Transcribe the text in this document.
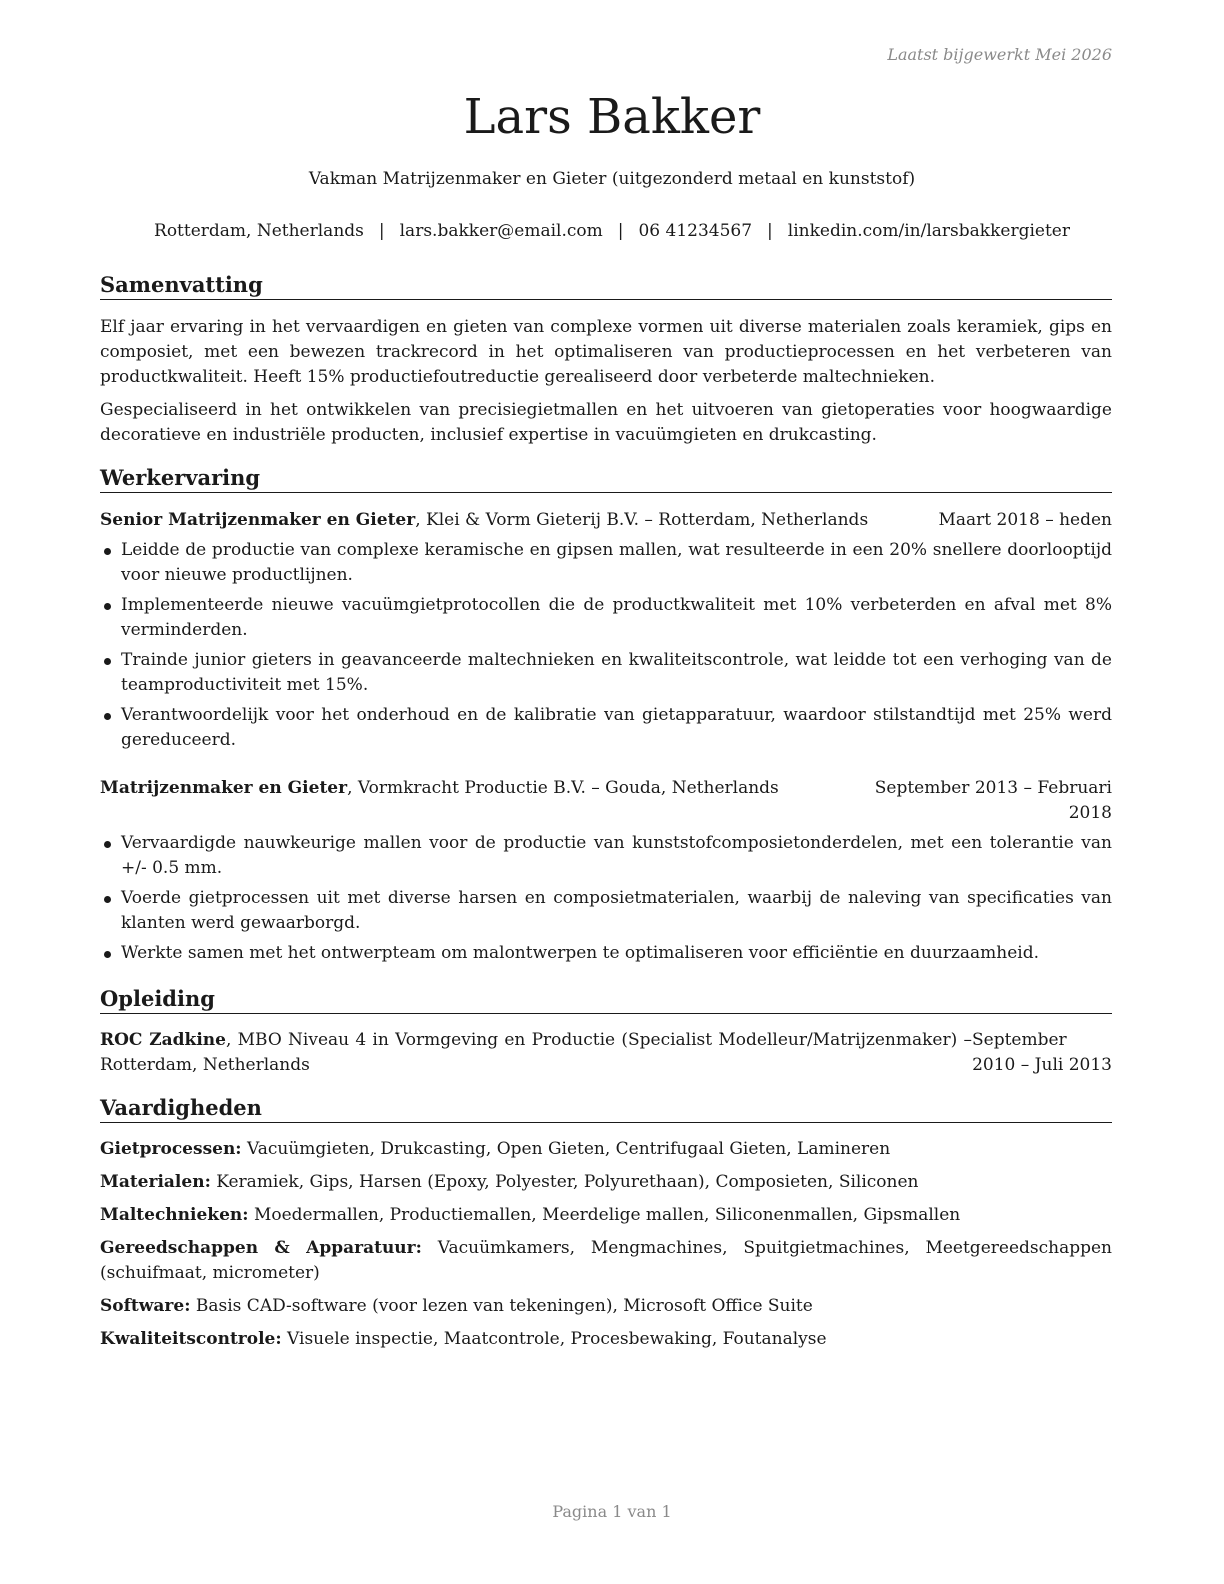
Laatst bijgewerkt Mei 2026
Lars Bakker
Vakman Matrijzenmaker en Gieter (uitgezonderd metaal en kunststof)
Rotterdam, Netherlands | lars.bakker@email.com | 06 41234567 | linkedin.com/in/larsbakkergieter
Samenvatting

Elf jaar ervaring in het vervaardigen en gieten van complexe vormen uit diverse materialen zoals keramiek, gips en composiet, met een bewezen trackrecord in het optimaliseren van productieprocessen en het verbeteren van productkwaliteit. Heeft 15% productiefoutreductie gerealiseerd door verbeterde maltechnieken.

Gespecialiseerd in het ontwikkelen van precisiegietmallen en het uitvoeren van gietoperaties voor hoogwaardige decoratieve en industriële producten, inclusief expertise in vacuümgieten en drukcasting.

Werkervaring
Senior Matrijzenmaker en Gieter, Klei & Vorm Gieterij B.V. – Rotterdam, Netherlands	Maart 2018 – heden
Leidde de productie van complexe keramische en gipsen mallen, wat resulteerde in een 20% snellere doorlooptijd voor nieuwe productlijnen.
Implementeerde nieuwe vacuümgietprotocollen die de productkwaliteit met 10% verbeterden en afval met 8% verminderden.
Trainde junior gieters in geavanceerde maltechnieken en kwaliteitscontrole, wat leidde tot een verhoging van de teamproductiviteit met 15%.
Verantwoordelijk voor het onderhoud en de kalibratie van gietapparatuur, waardoor stilstandtijd met 25% werd gereduceerd.
Matrijzenmaker en Gieter, Vormkracht Productie B.V. – Gouda, Netherlands	September 2013 – Februari 2018
Vervaardigde nauwkeurige mallen voor de productie van kunststofcomposietonderdelen, met een tolerantie van +/- 0.5 mm.
Voerde gietprocessen uit met diverse harsen en composietmaterialen, waarbij de naleving van specificaties van klanten werd gewaarborgd.
Werkte samen met het ontwerpteam om malontwerpen te optimaliseren voor efficiëntie en duurzaamheid.
Opleiding
ROC Zadkine, MBO Niveau 4 in Vormgeving en Productie (Specialist Modelleur/Matrijzenmaker) – Rotterdam, Netherlands
September 2010 – Juli 2013
Vaardigheden

Gietprocessen: Vacuümgieten, Drukcasting, Open Gieten, Centrifugaal Gieten, Lamineren

Materialen: Keramiek, Gips, Harsen (Epoxy, Polyester, Polyurethaan), Composieten, Siliconen

Maltechnieken: Moedermallen, Productiemallen, Meerdelige mallen, Siliconenmallen, Gipsmallen

Gereedschappen & Apparatuur: Vacuümkamers, Mengmachines, Spuitgietmachines, Meetgereedschappen (schuifmaat, micrometer)

Software: Basis CAD-software (voor lezen van tekeningen), Microsoft Office Suite

Kwaliteitscontrole: Visuele inspectie, Maatcontrole, Procesbewaking, Foutanalyse

Pagina 1 van 1
